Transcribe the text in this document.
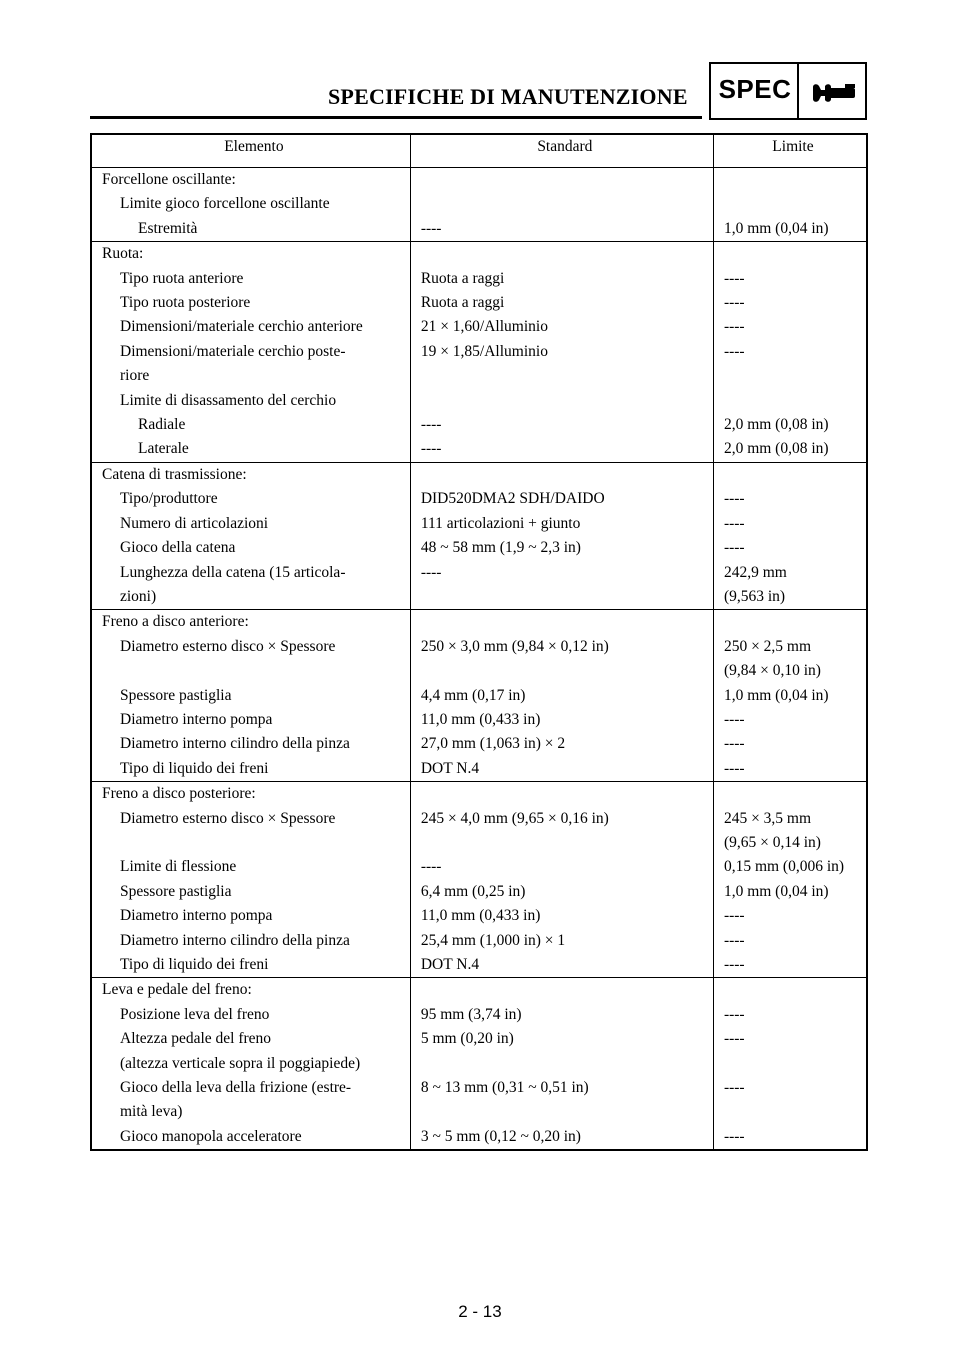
SPECIFICHE DI MANUTENZIONE SPEC
Elemento	Standard	Limite
Forcellone oscillante:		
Limite gioco forcellone oscillante		
Estremità	----	1,0 mm (0,04 in)
Ruota:		
Tipo ruota anteriore	Ruota a raggi	----
Tipo ruota posteriore	Ruota a raggi	----
Dimensioni/materiale cerchio anteriore	21 × 1,60/Alluminio	----
Dimensioni/materiale cerchio poste-
riore	19 × 1,85/Alluminio	----
Limite di disassamento del cerchio		
Radiale	----	2,0 mm (0,08 in)
Laterale	----	2,0 mm (0,08 in)
Catena di trasmissione:		
Tipo/produttore	DID520DMA2 SDH/DAIDO	----
Numero di articolazioni	111 articolazioni + giunto	----
Gioco della catena	48 ~ 58 mm (1,9 ~ 2,3 in)	----
Lunghezza della catena (15 articola-
zioni)	----	242,9 mm
(9,563 in)
Freno a disco anteriore:		
Diametro esterno disco × Spessore	250 × 3,0 mm (9,84 × 0,12 in)	250 × 2,5 mm
(9,84 × 0,10 in)
Spessore pastiglia	4,4 mm (0,17 in)	1,0 mm (0,04 in)
Diametro interno pompa	11,0 mm (0,433 in)	----
Diametro interno cilindro della pinza	27,0 mm (1,063 in) × 2	----
Tipo di liquido dei freni	DOT N.4	----
Freno a disco posteriore:		
Diametro esterno disco × Spessore	245 × 4,0 mm (9,65 × 0,16 in)	245 × 3,5 mm
(9,65 × 0,14 in)
Limite di flessione	----	0,15 mm (0,006 in)
Spessore pastiglia	6,4 mm (0,25 in)	1,0 mm (0,04 in)
Diametro interno pompa	11,0 mm (0,433 in)	----
Diametro interno cilindro della pinza	25,4 mm (1,000 in) × 1	----
Tipo di liquido dei freni	DOT N.4	----
Leva e pedale del freno:		
Posizione leva del freno	95 mm (3,74 in)	----
Altezza pedale del freno
(altezza verticale sopra il poggiapiede)	5 mm (0,20 in)	----
Gioco della leva della frizione (estre-
mità leva)	8 ~ 13 mm (0,31 ~ 0,51 in)	----
Gioco manopola acceleratore	3 ~ 5 mm (0,12 ~ 0,20 in)	----
2 - 13
